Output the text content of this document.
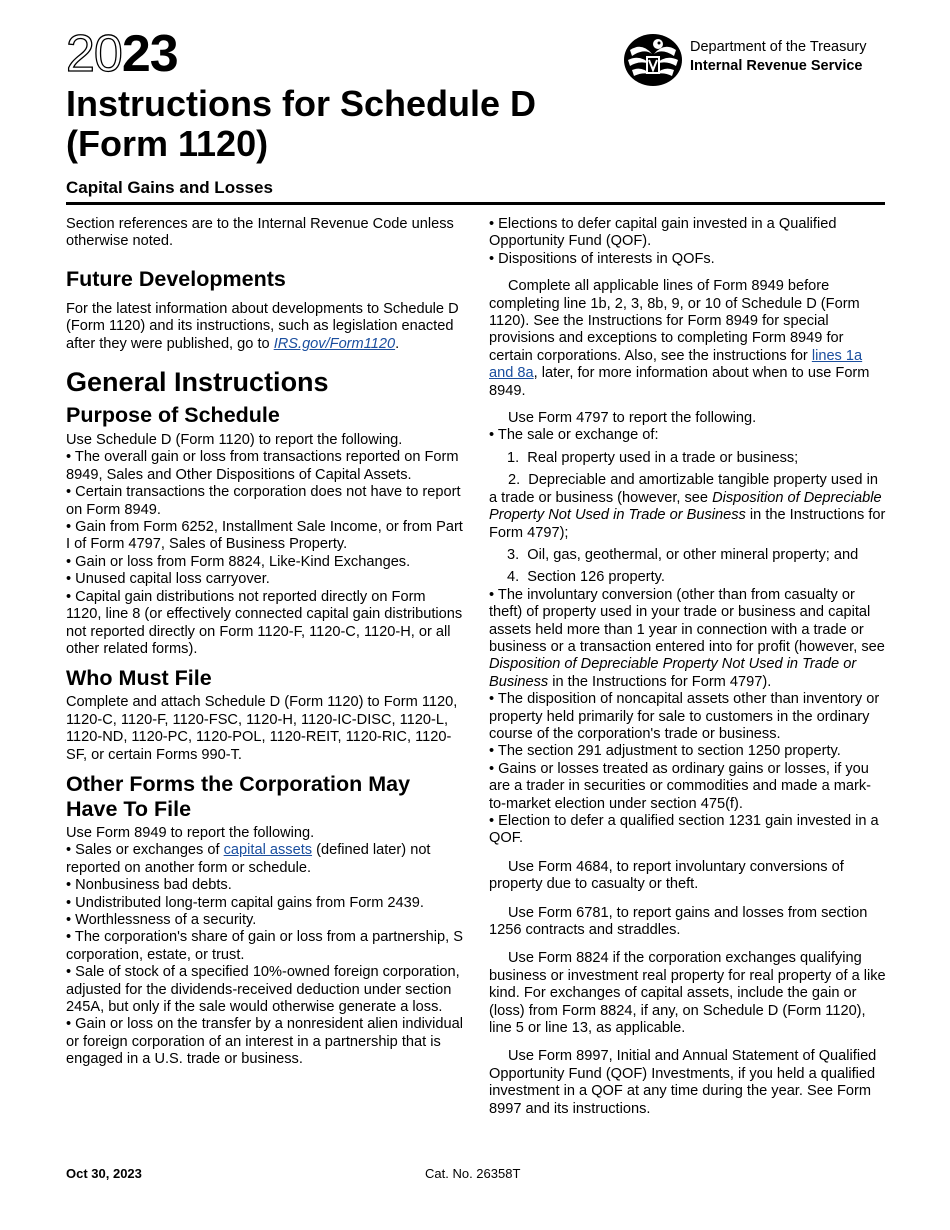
2023	Department of the Treasury
Internal Revenue Service
Instructions for Schedule D (Form 1120)
Capital Gains and Losses

Section references are to the Internal Revenue Code unless otherwise noted.

Future Developments

For the latest information about developments to Schedule D (Form 1120) and its instructions, such as legislation enacted after they were published, go to IRS.gov/Form1120.

General Instructions
Purpose of Schedule

Use Schedule D (Form 1120) to report the following.

• The overall gain or loss from transactions reported on Form 8949, Sales and Other Dispositions of Capital Assets.

• Certain transactions the corporation does not have to report on Form 8949.

• Gain from Form 6252, Installment Sale Income, or from Part I of Form 4797, Sales of Business Property.

• Gain or loss from Form 8824, Like-Kind Exchanges.

• Unused capital loss carryover.

• Capital gain distributions not reported directly on Form 1120, line 8 (or effectively connected capital gain distributions not reported directly on Form 1120-F, 1120-C, 1120-H, or all other related forms).

Who Must File

Complete and attach Schedule D (Form 1120) to Form 1120, 1120-C, 1120-F, 1120-FSC, 1120-H, 1120-IC-DISC, 1120-L, 1120-ND, 1120-PC, 1120-POL, 1120-REIT, 1120-RIC, 1120-SF, or certain Forms 990-T.

Other Forms the Corporation May Have To File

Use Form 8949 to report the following.

• Sales or exchanges of capital assets (defined later) not reported on another form or schedule.

• Nonbusiness bad debts.

• Undistributed long-term capital gains from Form 2439.

• Worthlessness of a security.

• The corporation's share of gain or loss from a partnership, S corporation, estate, or trust.

• Sale of stock of a specified 10%-owned foreign corporation, adjusted for the dividends-received deduction under section 245A, but only if the sale would otherwise generate a loss.

• Gain or loss on the transfer by a nonresident alien individual or foreign corporation of an interest in a partnership that is engaged in a U.S. trade or business.

• Elections to defer capital gain invested in a Qualified Opportunity Fund (QOF).

• Dispositions of interests in QOFs.

Complete all applicable lines of Form 8949 before completing line 1b, 2, 3, 8b, 9, or 10 of Schedule D (Form 1120). See the Instructions for Form 8949 for special provisions and exceptions to completing Form 8949 for certain corporations. Also, see the instructions for lines 1a and 8a, later, for more information about when to use Form 8949.

Use Form 4797 to report the following.

• The sale or exchange of:

1.  Real property used in a trade or business;

2.  Depreciable and amortizable tangible property used in a trade or business (however, see Disposition of Depreciable Property Not Used in Trade or Business in the Instructions for Form 4797);

3.  Oil, gas, geothermal, or other mineral property; and

4.  Section 126 property.

• The involuntary conversion (other than from casualty or theft) of property used in your trade or business and capital assets held more than 1 year in connection with a trade or business or a transaction entered into for profit (however, see Disposition of Depreciable Property Not Used in Trade or Business in the Instructions for Form 4797).

• The disposition of noncapital assets other than inventory or property held primarily for sale to customers in the ordinary course of the corporation's trade or business.

• The section 291 adjustment to section 1250 property.

• Gains or losses treated as ordinary gains or losses, if you are a trader in securities or commodities and made a mark-to-market election under section 475(f).

• Election to defer a qualified section 1231 gain invested in a QOF.

Use Form 4684, to report involuntary conversions of property due to casualty or theft.

Use Form 6781, to report gains and losses from section 1256 contracts and straddles.

Use Form 8824 if the corporation exchanges qualifying business or investment real property for real property of a like kind. For exchanges of capital assets, include the gain or (loss) from Form 8824, if any, on Schedule D (Form 1120), line 5 or line 13, as applicable.

Use Form 8997, Initial and Annual Statement of Qualified Opportunity Fund (QOF) Investments, if you held a qualified investment in a QOF at any time during the year. See Form 8997 and its instructions.

Oct 30, 2023	Cat. No. 26358T
